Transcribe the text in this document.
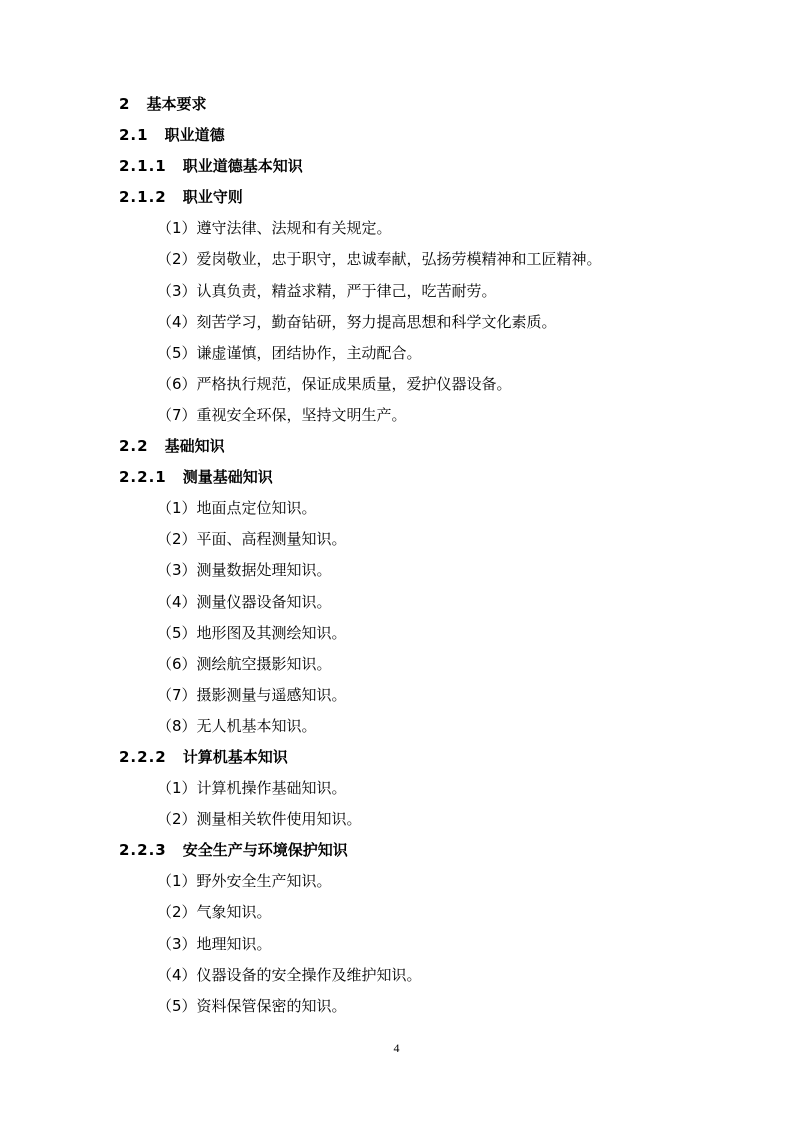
2 基本要求
2.1 职业道德
2.1.1 职业道德基本知识
2.1.2 职业守则
（1）遵守法律、法规和有关规定。
（2）爱岗敬业，忠于职守，忠诚奉献，弘扬劳模精神和工匠精神。
（3）认真负责，精益求精，严于律己，吃苦耐劳。
（4）刻苦学习，勤奋钻研，努力提高思想和科学文化素质。
（5）谦虚谨慎，团结协作，主动配合。
（6）严格执行规范，保证成果质量，爱护仪器设备。
（7）重视安全环保，坚持文明生产。
2.2 基础知识
2.2.1 测量基础知识
（1）地面点定位知识。
（2）平面、高程测量知识。
（3）测量数据处理知识。
（4）测量仪器设备知识。
（5）地形图及其测绘知识。
（6）测绘航空摄影知识。
（7）摄影测量与遥感知识。
（8）无人机基本知识。
2.2.2 计算机基本知识
（1）计算机操作基础知识。
（2）测量相关软件使用知识。
2.2.3 安全生产与环境保护知识
（1）野外安全生产知识。
（2）气象知识。
（3）地理知识。
（4）仪器设备的安全操作及维护知识。
（5）资料保管保密的知识。
4
